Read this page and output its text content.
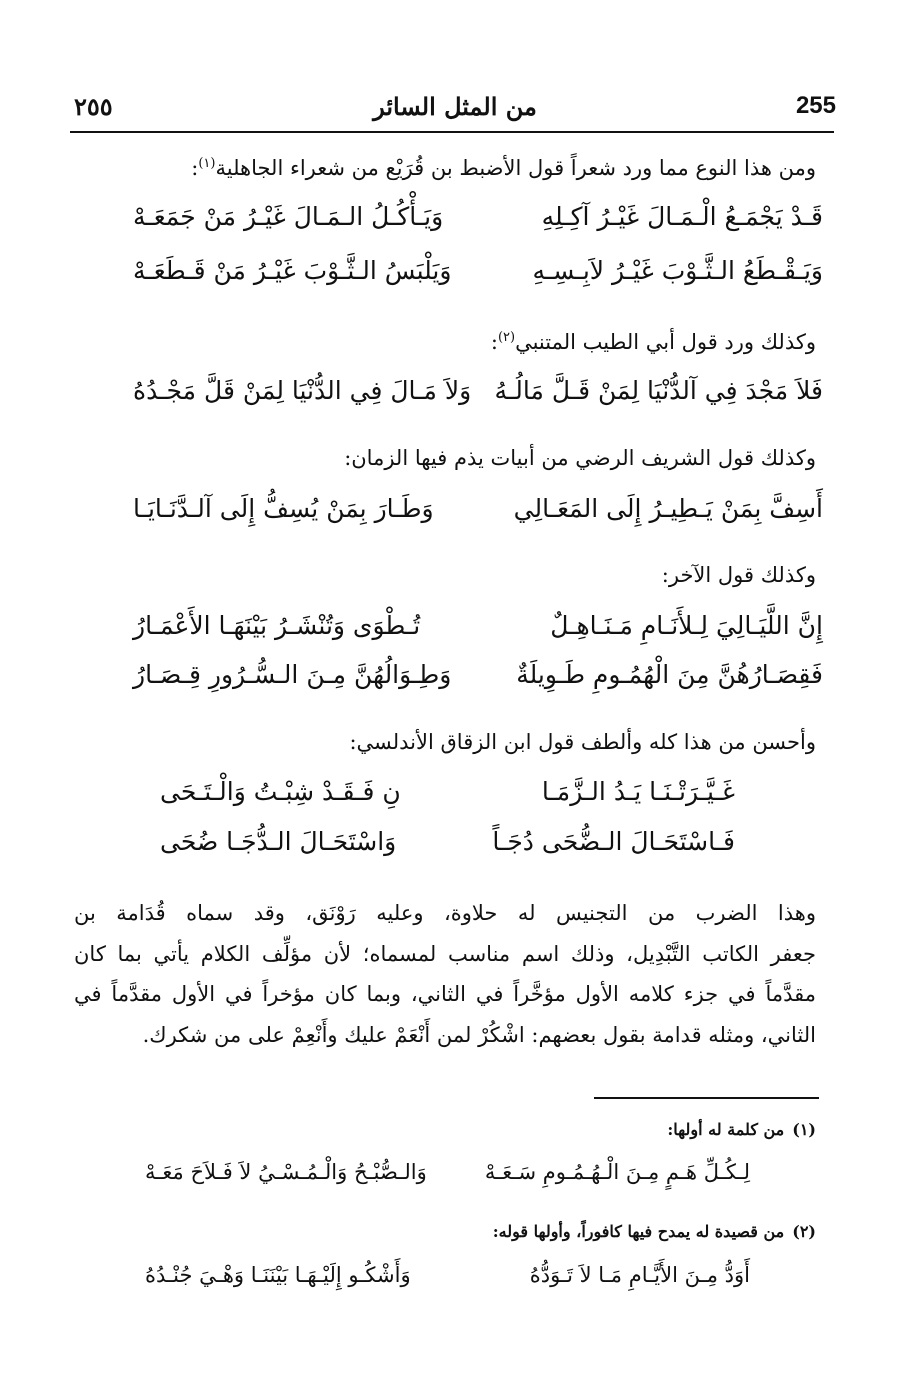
٢٥٥	من المثل السائر	255
ومن هذا النوع مما ورد شعراً قول الأضبط بن قُرَيْع من شعراء الجاهلية$^{(١)}$:
قَـدْ يَجْمَـعُ الْـمَـالَ غَيْـرُ آكِـلِهِ
وَيَـأْكُـلُ الـمَـالَ غَيْـرُ مَنْ جَمَعَـهْ
وَيَـقْـطَعُ الـثَّـوْبَ غَيْـرُ لاَبِـسِـهِ
وَيَلْبَسُ الـثَّـوْبَ غَيْـرُ مَنْ قَـطَعَـهْ
وكذلك ورد قول أبي الطيب المتنبي$^{(٢)}$:
فَلاَ مَجْدَ فِي آلدُّنْيَا لِمَنْ قَـلَّ مَالُـهُ
وَلاَ مَـالَ فِي الدُّنْيَا لِمَنْ قَلَّ مَجْـدُهُ
وكذلك قول الشريف الرضي من أبيات يذم فيها الزمان:
أَسِفَّ بِمَنْ يَـطِيـرُ إِلَى المَعَـالِي
وَطَـارَ بِمَنْ يُسِفُّ إِلَى آلـدَّنَـايَـا
وكذلك قول الآخر:
إِنَّ اللَّيَـالِيَ لِـلأَنَـامِ مَـنَـاهِـلٌ
تُـطْوَى وَتُنْشَـرُ بَيْنَهَـا الأَعْمَـارُ
فَقِصَـارُهُنَّ مِنَ الْهُمُـومِ طَـوِيلَةٌ
وَطِـوَالُهُنَّ مِـنَ الـسُّـرُورِ قِـصَـارُ
وأحسن من هذا كله وألطف قول ابن الزقاق الأندلسي:
غَـيَّـرَتْـنَـا يَـدُ الـزَّمَـا
نِ فَـقَـدْ شِبْـتُ وَالْـتَـحَى
فَـاسْتَحَـالَ الـضُّحَى دُجَـاً
وَاسْتَحَـالَ الـدُّجَـا ضُحَى
وهذا الضرب من التجنيس له حلاوة، وعليه رَوْنَق، وقد سماه قُدَامة بن
جعفر الكاتب التَّبْدِيل، وذلك اسم مناسب لمسماه؛ لأن مؤلِّف الكلام يأتي بما كان
مقدَّماً في جزء كلامه الأول مؤخَّراً في الثاني، وبما كان مؤخراً في الأول مقدَّماً في
الثاني، ومثله قدامة بقول بعضهم: اشْكُرْ لمن أَنْعَمْ عليك وأَنْعِمْ على من شكرك.
(١)من كلمة له أولها:
لِـكُـلِّ هَـمٍ مِـنَ الْـهُـمُـومِ سَـعَـهْ
وَالـصُّبْـحُ وَالْـمُـسْـيُ لاَ فَـلاَحَ مَعَـهْ
(٢)من قصيدة له يمدح فيها كافوراً، وأولها قوله:
أَوَدُّ مِـنَ الأَيَّـامِ مَـا لاَ تَـوَدُّهُ
وَأَشْكُـو إِلَيْـهَـا بَيْنَنَـا وَهْـيَ جُنْـدُهُ
